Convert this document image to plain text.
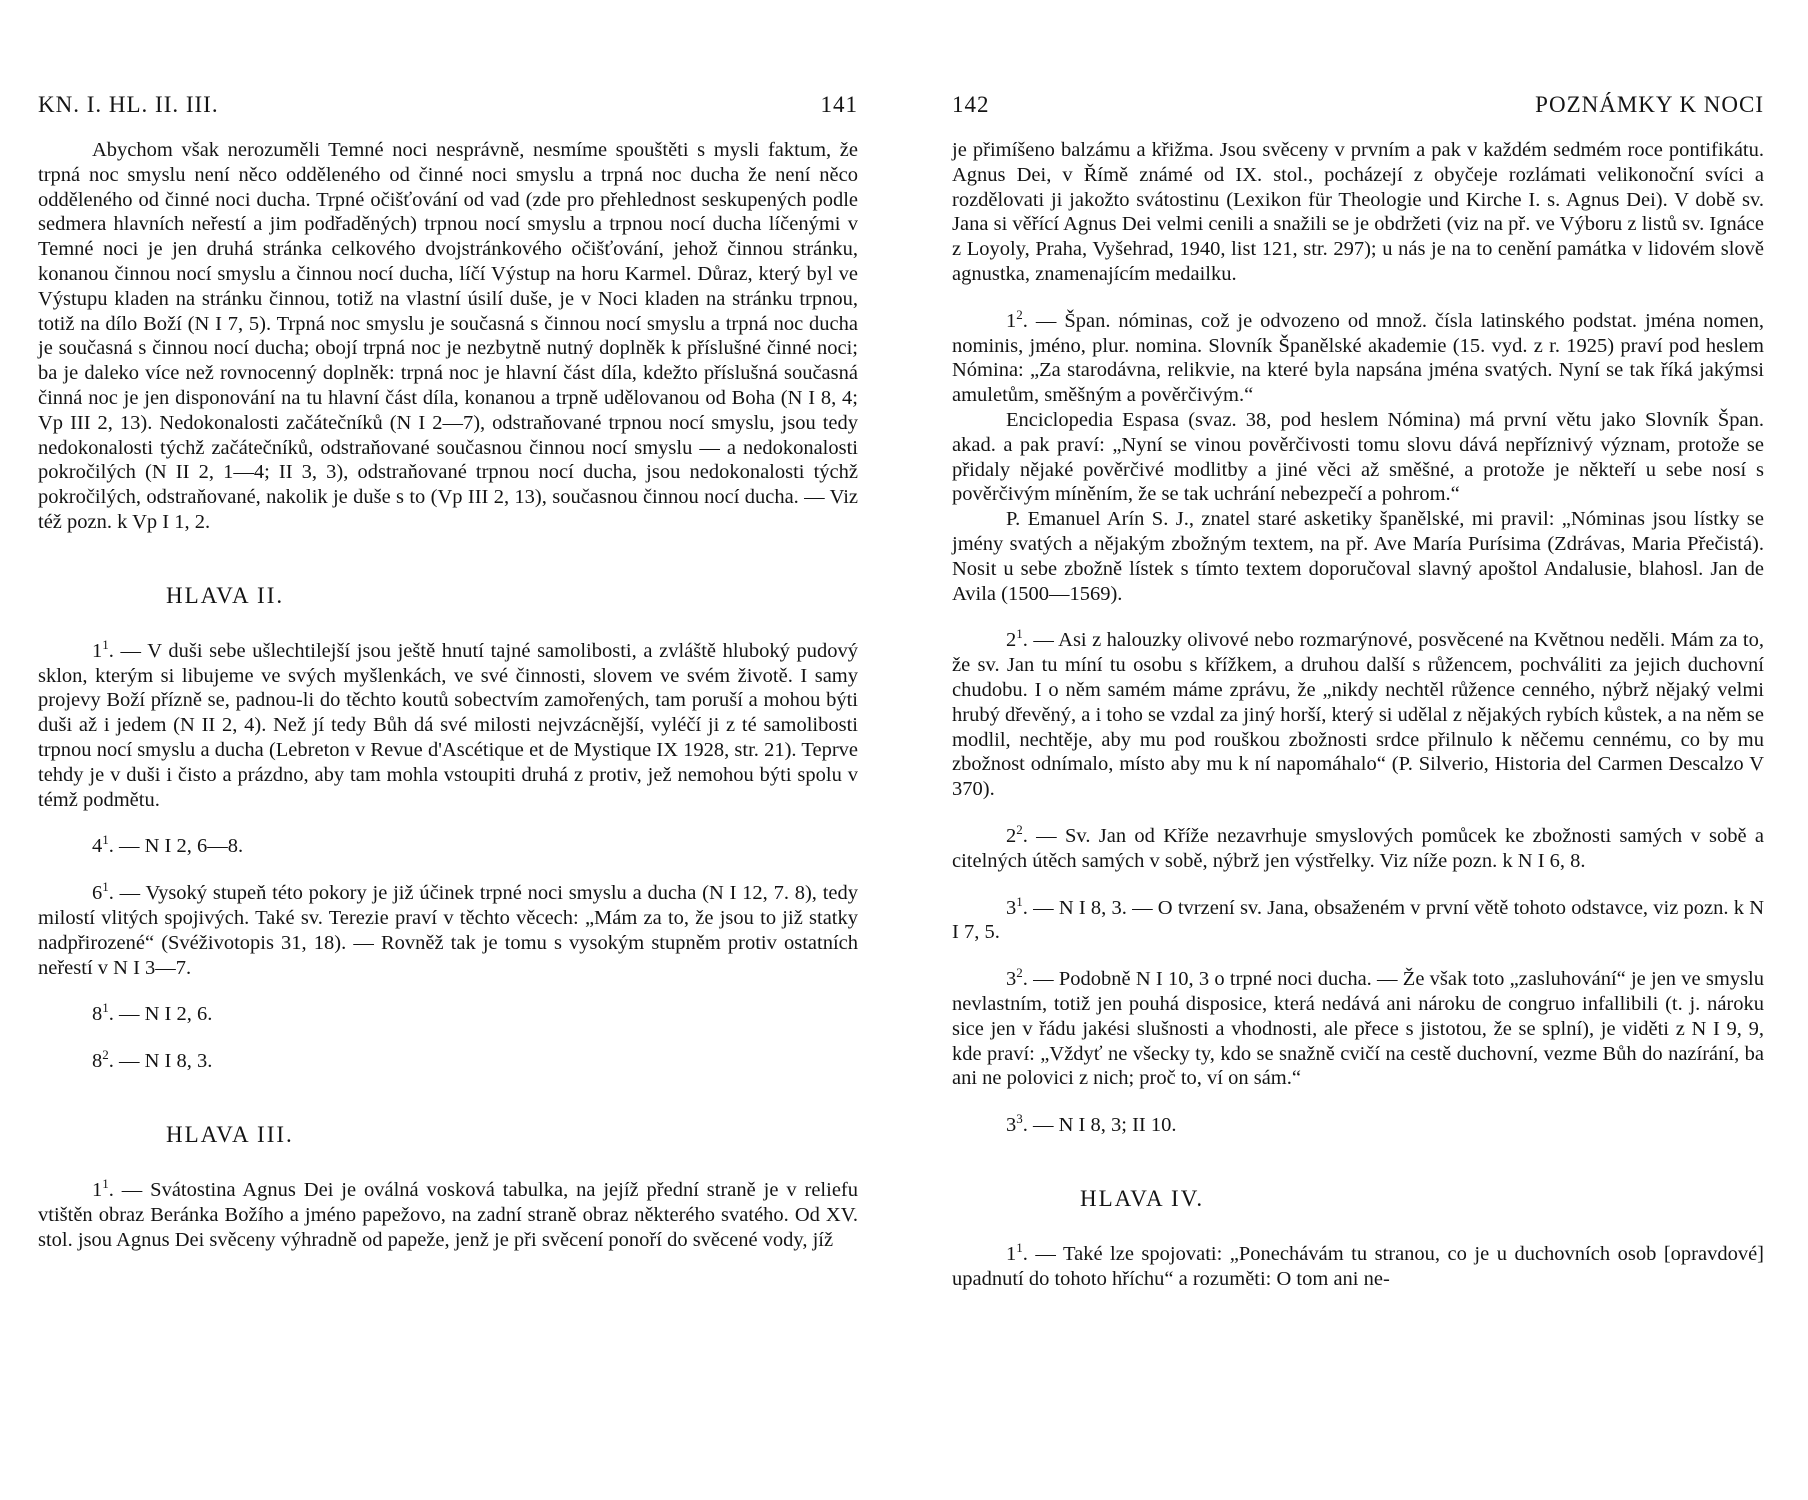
KN. I. HL. II. III.	141

Abychom však nerozuměli Temné noci nesprávně, nesmíme spouštěti s mysli faktum, že trpná noc smyslu není něco odděleného od činné noci smyslu a trpná noc ducha že není něco odděleného od činné noci ducha. Trpné očišťování od vad (zde pro přehlednost seskupených podle sedmera hlavních neřestí a jim podřaděných) trpnou nocí smyslu a trpnou nocí ducha líčenými v Temné noci je jen druhá stránka celkového dvojstránkového očišťování, jehož činnou stránku, konanou činnou nocí smyslu a činnou nocí ducha, líčí Výstup na horu Karmel. Důraz, který byl ve Výstupu kladen na stránku činnou, totiž na vlastní úsilí duše, je v Noci kladen na stránku trpnou, totiž na dílo Boží (N I 7, 5). Trpná noc smyslu je současná s činnou nocí smyslu a trpná noc ducha je současná s činnou nocí ducha; obojí trpná noc je nezbytně nutný doplněk k příslušné činné noci; ba je daleko více než rovnocenný doplněk: trpná noc je hlavní část díla, kdežto příslušná současná činná noc je jen disponování na tu hlavní část díla, konanou a trpně udělovanou od Boha (N I 8, 4; Vp III 2, 13). Nedokonalosti začátečníků (N I 2—7), odstraňované trpnou nocí smyslu, jsou tedy nedokonalosti týchž začátečníků, odstraňované současnou činnou nocí smyslu — a nedokonalosti pokročilých (N II 2, 1—4; II 3, 3), odstraňované trpnou nocí ducha, jsou nedokonalosti týchž pokročilých, odstraňované, nakolik je duše s to (Vp III 2, 13), současnou činnou nocí ducha. — Viz též pozn. k Vp I 1, 2.

HLAVA II.

$1^1$. — V duši sebe ušlechtilejší jsou ještě hnutí tajné samolibosti, a zvláště hluboký pudový sklon, kterým si libujeme ve svých myšlenkách, ve své činnosti, slovem ve svém životě. I samy projevy Boží přízně se, padnou-li do těchto koutů sobectvím zamořených, tam poruší a mohou býti duši až i jedem (N II 2, 4). Než jí tedy Bůh dá své milosti nejvzácnější, vyléčí ji z té samolibosti trpnou nocí smyslu a ducha (Lebreton v Revue d'Ascétique et de Mystique IX 1928, str. 21). Teprve tehdy je v duši i čisto a prázdno, aby tam mohla vstoupiti druhá z protiv, jež nemohou býti spolu v témž podmětu.

$4^1$. — N I 2, 6—8.

$6^1$. — Vysoký stupeň této pokory je již účinek trpné noci smyslu a ducha (N I 12, 7. 8), tedy milostí vlitých spojivých. Také sv. Terezie praví v těchto věcech: „Mám za to, že jsou to již statky nadpřirozené“ (Svéživotopis 31, 18). — Rovněž tak je tomu s vysokým stupněm protiv ostatních neřestí v N I 3—7.

$8^1$. — N I 2, 6.

$8^2$. — N I 8, 3.

HLAVA III.

$1^1$. — Svátostina Agnus Dei je oválná vosková tabulka, na jejíž přední straně je v reliefu vtištěn obraz Beránka Božího a jméno papežovo, na zadní straně obraz některého svatého. Od XV. stol. jsou Agnus Dei svěceny výhradně od papeže, jenž je při svěcení ponoří do svěcené vody, jíž

142	POZNÁMKY K NOCI

je přimíšeno balzámu a křižma. Jsou svěceny v prvním a pak v každém sedmém roce pontifikátu. Agnus Dei, v Římě známé od IX. stol., pocházejí z obyčeje rozlámati velikonoční svíci a rozdělovati ji jakožto svátostinu (Lexikon für Theologie und Kirche I. s. Agnus Dei). V době sv. Jana si věřící Agnus Dei velmi cenili a snažili se je obdržeti (viz na př. ve Výboru z listů sv. Ignáce z Loyoly, Praha, Vyšehrad, 1940, list 121, str. 297); u nás je na to cenění památka v lidovém slově agnustka, znamenajícím medailku.

$1^2$. — Špan. nóminas, což je odvozeno od množ. čísla latinského podstat. jména nomen, nominis, jméno, plur. nomina. Slovník Španělské akademie (15. vyd. z r. 1925) praví pod heslem Nómina: „Za starodávna, relikvie, na které byla napsána jména svatých. Nyní se tak říká jakýmsi amuletům, směšným a pověrčivým.“

Enciclopedia Espasa (svaz. 38, pod heslem Nómina) má první větu jako Slovník Špan. akad. a pak praví: „Nyní se vinou pověrčivosti tomu slovu dává nepříznivý význam, protože se přidaly nějaké pověrčivé modlitby a jiné věci až směšné, a protože je někteří u sebe nosí s pověrčivým míněním, že se tak uchrání nebezpečí a pohrom.“

P. Emanuel Arín S. J., znatel staré asketiky španělské, mi pravil: „Nóminas jsou lístky se jmény svatých a nějakým zbožným textem, na př. Ave María Purísima (Zdrávas, Maria Přečistá). Nosit u sebe zbožně lístek s tímto textem doporučoval slavný apoštol Andalusie, blahosl. Jan de Avila (1500—1569).

$2^1$. — Asi z halouzky olivové nebo rozmarýnové, posvěcené na Květnou neděli. Mám za to, že sv. Jan tu míní tu osobu s křížkem, a druhou další s růžencem, pochváliti za jejich duchovní chudobu. I o něm samém máme zprávu, že „nikdy nechtěl růžence cenného, nýbrž nějaký velmi hrubý dřevěný, a i toho se vzdal za jiný horší, který si udělal z nějakých rybích kůstek, a na něm se modlil, nechtěje, aby mu pod rouškou zbožnosti srdce přilnulo k něčemu cennému, co by mu zbožnost odnímalo, místo aby mu k ní napomáhalo“ (P. Silverio, Historia del Carmen Descalzo V 370).

$2^2$. — Sv. Jan od Kříže nezavrhuje smyslových pomůcek ke zbožnosti samých v sobě a citelných útěch samých v sobě, nýbrž jen výstřelky. Viz níže pozn. k N I 6, 8.

$3^1$. — N I 8, 3. — O tvrzení sv. Jana, obsaženém v první větě tohoto odstavce, viz pozn. k N I 7, 5.

$3^2$. — Podobně N I 10, 3 o trpné noci ducha. — Že však toto „zasluhování“ je jen ve smyslu nevlastním, totiž jen pouhá disposice, která nedává ani nároku de congruo infallibili (t. j. nároku sice jen v řádu jakési slušnosti a vhodnosti, ale přece s jistotou, že se splní), je viděti z N I 9, 9, kde praví: „Vždyť ne všecky ty, kdo se snažně cvičí na cestě duchovní, vezme Bůh do nazírání, ba ani ne polovici z nich; proč to, ví on sám.“

$3^3$. — N I 8, 3; II 10.

HLAVA IV.

$1^1$. — Také lze spojovati: „Ponechávám tu stranou, co je u duchovních osob [opravdové] upadnutí do tohoto hříchu“ a rozuměti: O tom ani ne-
